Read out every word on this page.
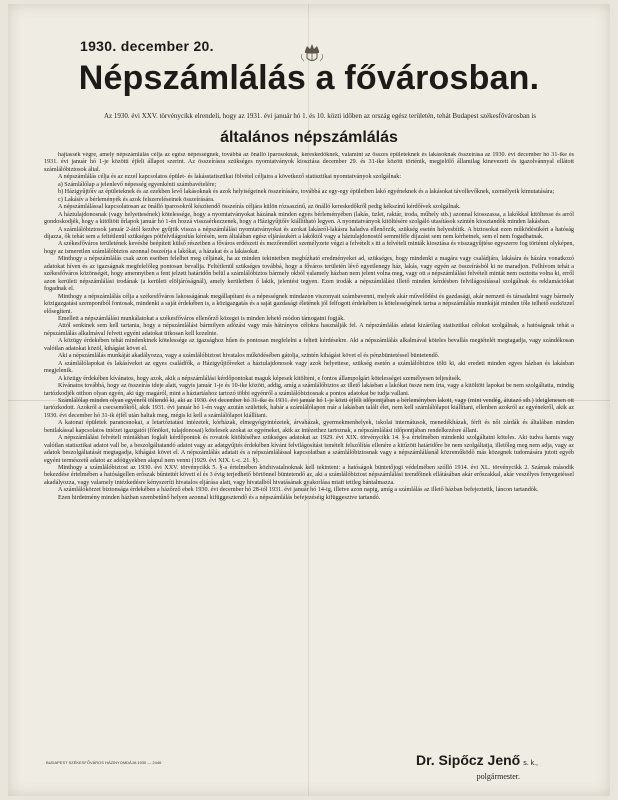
1930. december 20.
Népszámlálás a fővárosban.
Az 1930. évi XXV. törvénycikk elrendeli, hogy az 1931. évi január hó 1. és 10. közti időben az ország egész területén, tehát Budapest székesfővárosban is
általános népszámlálás

hajtassék végre, amely népszámlálás célja az egész népességnek, továbbá az önálló iparosoknak, kereskedőknek, valamint az összes épületeknek és lakásoknak összeírása az 1930. évi december hó 31-ike és 1931. évi január hó 1-je közötti éjfeli állapot szerint. Az összeírásra szükséges nyomtatványok kiosztása december 29. és 31-ike között történik, megjelölő államilag kinevezett és igazolvánnyal ellátott számlálóbiztosok által.

A népszámlálás célja és az ezzel kapcsolatos épület- és lakásstatisztikai fölvétel céljaira a következő statisztikai nyomtatványok szolgálnak:

a) Számlálólap a jelenlevő népesség egyenkénti számbavételére;

b) Házigyűjtőív az épületeknek és az ezekben levő lakásoknak és azok helyiségeinek összeírására, továbbá az egy-egy épületben lakó egyéneknek és a lakásokat távollevőknek, személyeik kimutatására;

c) Lakásív a bérleményék és azok felszereléseinek összeírására.

A népszámlálással kapcsolatosan az önálló iparosokról készítendő összeírás céljára külön rózsaszínű, az önálló kereskedőkről pedig kékszínű kérdőívek szolgálnak.

A háztulajdonosnak (vagy helyettesének) kötelessége, hogy a nyomtatványokat házának minden egyes bérleményében (lakás, üzlet, raktár, iroda, műhely stb.) azonnal kiosszassa, a lakókkal kitöltesse és arról gondoskodjék, hogy a kitöltött űrlapok január hó 1-én hozzá visszaérkezzenek, hogy a Házigyűjtőív kiállítható legyen. A nyomtatványok kitöltésére szolgáló utasítások szintén kiosztandók minden lakásban.

A számlálóbiztosok január 2-ától kezdve gyűjtik vissza a népszámlálási nyomtatványokat és azokat lakásról-lakásra haladva ellenőrzik, szükség esetén helyesbítik. A biztosokat ezen működésükért a hatóság díjazza, ők tehát sem a feltétlenül szükséges pótfelvilágosítás kérésén, sem általában egész eljárásukért a lakóktól vagy a háztulajdonostól semmiféle díjazást sem nem kérhetnek, sem el nem fogadhatnak.

A székesfőváros területének kevésbé beépített külső részeiben a főváros erdészeti és mezőrendőri személyzete végzi a felvételt s itt a felvételi minták kiosztása és visszagyűjtése egyszerre fog történni olyképen, hogy az ismeretlen számlálóbiztos azonnal összeírja a lakókat, a házakat és a lakásokat.

Minthogy a népszámlálás csak azon esetben felelhet meg céljának, ha az minden tekintetben megbízható eredményeket ad, szükséges, hogy mindenki a magára vagy családjára, lakására és házára vonatkozó adatokat híven és az igazságnak megfelelőleg pontosan bevallja. Feltétlenül szükséges továbbá, hogy a főváros területén lévő egyetlenegy ház, lakás, vagy egyén az összeírásból ki ne maradjon. Felhívom tehát a székesfőváros közönségét, hogy amennyiben a fent jelzett határidőn belül a számlálóbiztos bármely okból valamely házban nem jelent volna meg, vagy ott a népszámlálási felvételi mintát nem osztotta volna ki, erről azon kerületi népszámlálási irodának (a kerületi elöljáróságnál), amely kerületben ő lakik, jelentést tegyen. Ezen irodák a népszámlálást illető minden kérdésben felvilágosítással szolgálnak és reklamációkat fogadnak el.

Minthogy a népszámlálás célja a székesfőváros lakosságának megállapítani és a népességnek mindazon viszonyait számbavenni, melyek akár művelődési és gazdasági, akár nemzeti és társadalmi vagy bármely közigazgatási szempontból fontosak, mindenki a saját érdekében is, a közigazgatás és a saját gazdasági életének jól felfogott érdekében is kötelességének tartsa a népszámlálás munkáját minden tőle telhető eszközzel elősegíteni.

Emellett a népszámlálási munkálatokat a székesfőváros ellenőrző közegei is minden lehető módon támogatni fogják.

Attól senkinek sem kell tartania, hogy a népszámlálást bármilyen adózási vagy más hátrányos célokra használják fel. A népszámlálás adatai kizárólag statisztikai célokat szolgálnak, a hatóságnak tehát a népszámlálás alkalmával felvett egyéni adatokat titkosan kell kezelnie.

A közügy érdekében tehát mindenkinek kötelessége az igazsághoz hűen és pontosan megfelelni a feltett kérdésekre. Aki a népszámlálás alkalmával köteles bevallás megtételét megtagadja, vagy szándékosan valótlan adatokat közöl, kihágást követ el.

Aki a népszámlálás munkáját akadályozza, vagy a számlálóbiztost hivatalos működésében gátolja, szintén kihágást követ el és pénzbüntetéssel büntetendő.

A számlálólapokat és lakásíveket az egyes családfők, a Házigyűjtőíveket a háztulajdonosok vagy azok helyettese, szükség esetén a számlálóbiztos tölti ki, aki eredeti minden egyes házban és lakásban megjelenik.

A közügy érdekében kívánatos, hogy azok, akik a népszámlálási kérdőpontokat maguk képesek kitölteni, e fontos állampolgári kötelességet személyesen teljesítsék.

Kívánatos továbbá, hogy az összeírás ideje alatt, vagyis január 1-je és 10-ike között, addig, amíg a számlálóbiztos az illető lakásban a lakókat össze nem írta, vagy a kitöltött lapokat be nem szolgáltatta, mindig tartózkodjék otthon olyan egyén, aki úgy magáról, mint a háztartáshoz tartozó többi egyénről a számlálóbiztosnak a pontos adatokat be tudja vallani.

Számlálólap minden olyan egyénről töltendő ki, aki az 1930. évi december hó 31-ike és 1931. évi január hó 1-je közti éjféli időpontjában a bérleményben lakott, vagy (mint vendég, átutazó stb.) ideiglenesen ott tartózkodott. Azokról a csecsemőkről, akik 1931. évi január hó 1-én vagy azután születtek, habár a számlálólapon már a lakásban talált élet, nem kell számlálólapot kiállítani, ellenben azokról az egyénekről, akik az 1930. évi december hó 31-ik éjfél után haltak meg, mégis ki kell a számlálólapot kiállítani.

A katonai épületek parancsnokai, a letartóztatási intézetek, kórházak, elmegyógyintézetek, árvaházak, gyermekmenhelyek, iskolai internátusok, menedékházak, férfi és női zárdák és általában minden bentlakással kapcsolatos intézet igazgatói (főnökei, tulajdonosai) kötelesek azokat az egyéneket, akik az intézethez tartoznak, a népszámlálási időpontjában rendelkezésre állani.

A népszámlálási felvételi mintákban foglalt kérdőpontok és rovatok kitöltéséhez szükséges adatokat az 1929. évi XIX. törvénycikk 14. §-a értelmében mindenki szolgáltatni köteles. Aki tudva hamis vagy valótlan statisztikai adatot vall be, a beszolgáltatandó adatot vagy az adatgyűjtés érdekében kívánt felvilágosítást ismételt felszólítás ellenére a kitűzött határidőre be nem szolgáltatja, illetőleg meg nem adja, vagy az adatok beszolgáltatását megtagadja, kihágást követ el. A népszámlálás adatait és a népszámlálással kapcsolatban a számlálóbiztosnak vagy a népszámlálásnál közreműködő más közegnek tudomására jutott egyéb egyéni természetű adatot az adóügyekben alapul nem venni (1929. évi XIX. t.-c. 21. §).

Minthogy a számlálóbiztost az 1930. évi XXV. törvénycikk 5. §-a értelmében közhivatalnoknak kell tekinteni: a hatóságok büntetőjogi védelmében szólló 1914. évi XL. törvénycikk 2. Számak második bekezdése értelmében a hatóságellen erőszak bűntettét követi el és 3 évig terjedhető börtönnel büntetendő az, aki a számlálóbiztost népszámlálási teendőinek ellátásában akár erőszakkal, akár veszélyes fenyegetéssel akadályozza, vagy valamely intézkedésre kényszeríti hivatalos eljárása alatt, vagy hivatalból hivatásának gyakorlása miatt tettleg bántalmazza.

A számlálókörzet biztonsága érdekében a házőrző ebek 1930. évi december hó 28-tól 1931. évi január hó 14-ig, illetve azon napig, amíg a számlálás az illető házban befejeztetik, láncon tartandók.

Ezen hirdetmény minden házban szembetűnő helyen azonnal kifüggesztendő és a népszámlálás befejezéséig kifüggesztve tartandó.

BUDAPEST SZÉKESFŐVÁROS HÁZINYOMDÁJA 1930 — 2446	Dr. Sipőcz Jenő s. k.,
polgármester.
